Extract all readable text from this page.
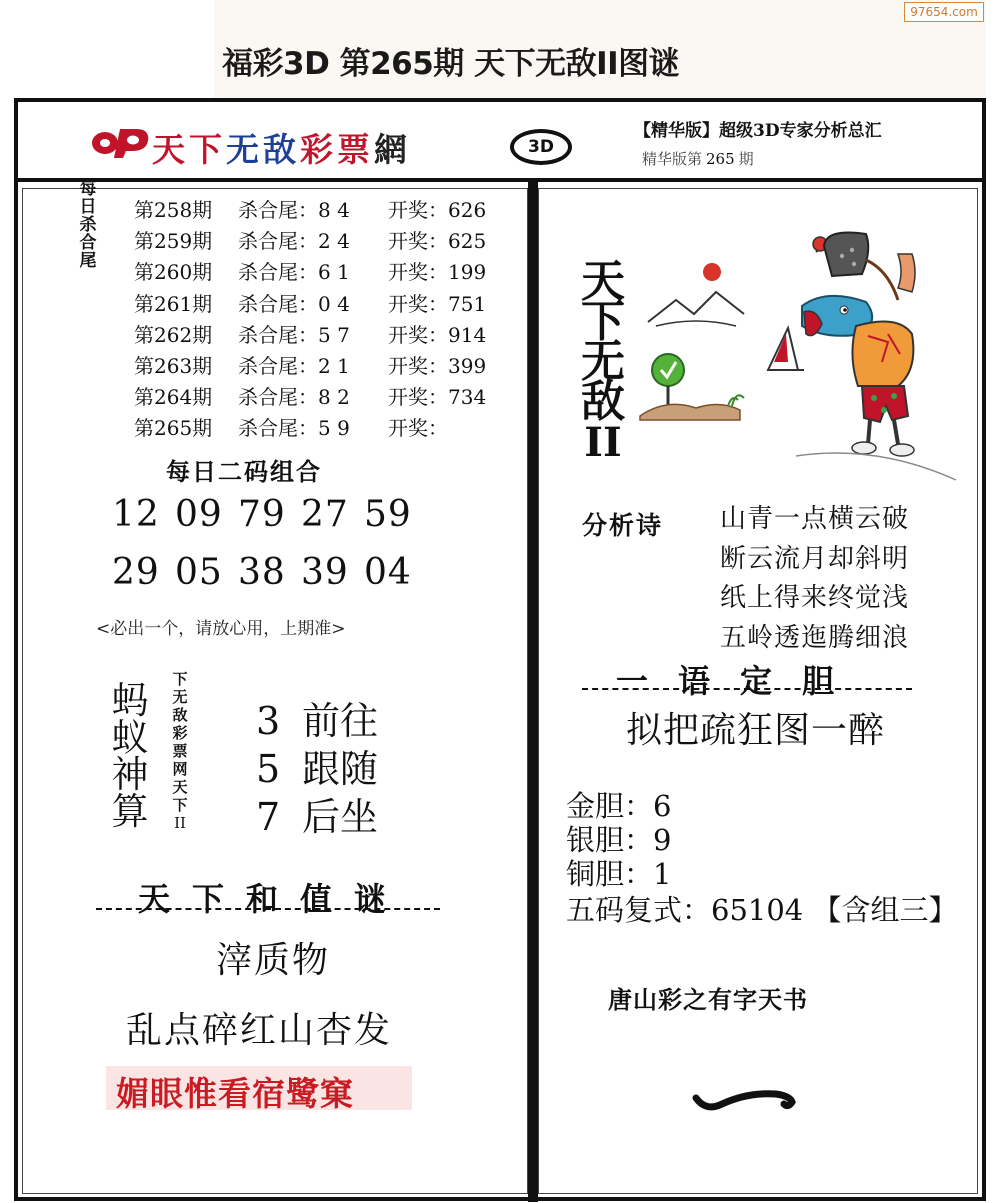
福彩3D 第265期 天下无敌II图谜
97654.com
天下无敌彩票網	3D
【精华版】超级3D专家分析总汇
精华版第 265 期
每日杀合尾
第258期	杀合尾：8 4	开奖：626
第259期	杀合尾：2 4	开奖：625
第260期	杀合尾：6 1	开奖：199
第261期	杀合尾：0 4	开奖：751
第262期	杀合尾：5 7	开奖：914
第263期	杀合尾：2 1	开奖：399
第264期	杀合尾：8 2	开奖：734
第265期	杀合尾：5 9	开奖：
每日二码组合
12 09 79 27 59
29 05 38 39 04
<必出一个，请放心用，上期准>
蚂蚁神算
下无敌彩票网天下
II
3 前往
5 跟随
7 后坐
天下和值谜
滓质物
乱点碎红山杏发
媚眼惟看宿鹭窠
天下无敌
II
分析诗 山青一点横云破
断云流月却斜明
纸上得来终觉浅
五岭透迤腾细浪
一语定胆
拟把疏狂图一醉
金胆：6
银胆：9
铜胆：1
五码复式：65104 【含组三】
唐山彩之有字天书
